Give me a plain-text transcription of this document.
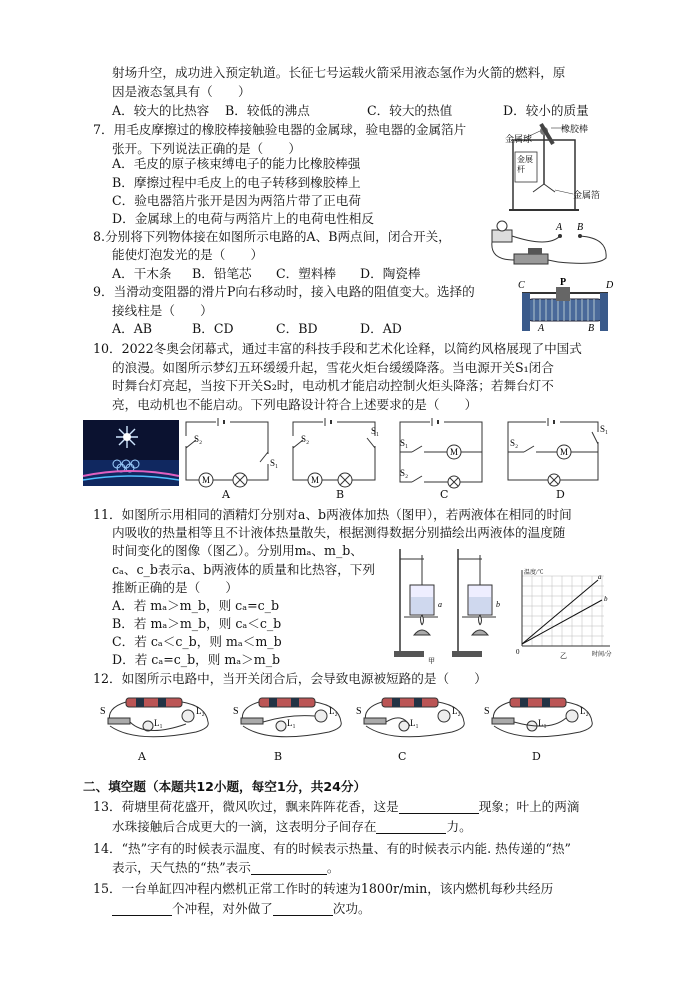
射场升空，成功进入预定轨道。长征七号运载火箭采用液态氢作为火箭的燃料，原
因是液态氢具有（　　）
A．较大的比热容 B．较低的沸点	C．较大的热值	D．较小的质量
7．用毛皮摩擦过的橡胶棒接触验电器的金属球，验电器的金属箔片
张开。下列说法正确的是（　　）
A．毛皮的原子核束缚电子的能力比橡胶棒强
B．摩擦过程中毛皮上的电子转移到橡胶棒上
C．验电器箔片张开是因为两箔片带了正电荷
D．金属球上的电荷与两箔片上的电荷电性相反
金属球
橡胶棒
金展
杆
金属箔
8.分别将下列物体接在如图所示电路的A、B两点间，闭合开关，
能使灯泡发光的是（　　）
A．干木条 B．铅笔芯 C．塑料棒 D．陶瓷棒
A B
9．当滑动变阻器的滑片P向右移动时，接入电路的阻值变大。选择的
接线柱是（　　）
A．AB	B．CD	C．BD	D．AD
C	P	D
A	B
10．2022冬奥会闭幕式，通过丰富的科技手段和艺术化诠释，以简约风格展现了中国式
的浪漫。如图所示梦幻五环缓缓升起，雪花火炬台缓缓降落。当电源开关S₁闭合
时舞台灯亮起，当按下开关S₂时，电动机才能启动控制火炬头降落；若舞台灯不
亮，电动机也不能启动。下列电路设计符合上述要求的是（　　）
S₂
S₁
M
A
S₂
S₁
M
B
S₁
M
S₂
C
S₂
M
S₁
D
11．如图所示用相同的酒精灯分别对a、b两液体加热（图甲），若两液体在相同的时间
内吸收的热量相等且不计液体热量散失，根据测得数据分别描绘出两液体的温度随
时间变化的图像（图乙）。分别用mₐ、m_b、
cₐ、c_b表示a、b两液体的质量和比热容，下列
推断正确的是（　　）
A．若 mₐ＞m_b，则 cₐ=c_b
B．若 mₐ＞m_b，则 cₐ＜c_b
C．若 cₐ＜c_b，则 mₐ＜m_b
D．若 cₐ=c_b，则 mₐ＞m_b
a	b
甲
温度/℃	a
b
0	乙	时间/分
12．如图所示电路中，当开关闭合后，会导致电源被短路的是（　　）
S
L₁
L₂	S
L₁
L₂ S
L₁
L₂ S
L₁
L₂
A	B	C	D
二、填空题（本题共12小题，每空1分，共24分）
13．荷塘里荷花盛开，微风吹过，飘来阵阵花香，这是	现象；叶上的两滴
水珠接触后合成更大的一滴，这表明分子间存在	力。
14．“热”字有的时候表示温度、有的时候表示热量、有的时候表示内能. 热传递的“热”
表示，天气热的“热”表示	。
15．一台单缸四冲程内燃机正常工作时的转速为1800r/min，该内燃机每秒共经历
个冲程，对外做了	次功。
